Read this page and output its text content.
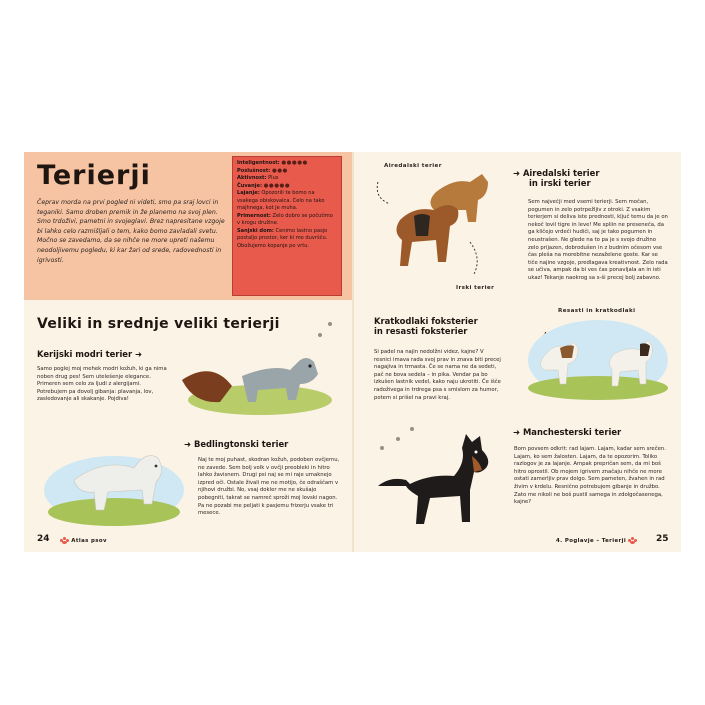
Terierji
Čeprav morda na prvi pogled ni videti, smo pa sraj lovci in teganiki. Samo droben premik in že planemo na svoj plen. Smo trdoživi, pametni in svojeglavi. Brez napresitane vzgoje bi lahko celo razmišljali o tem, kako bomo zavladali svetu. Močno se zavedamo, da se nihče ne more upreti našemu neodoljivemu pogledu, ki kar žari od srede, radovednosti in igrivosti.
Inteligentnost: ●●●●●
Poslušnost: ●●●
Aktivnost: Plus
Čuvanje: ●●●●●
Lajanje: Opozorili te bomo na vsakega obiskovalca. Celo na tako majhnega, kot je muha.
Primernost: Zelo dobro se počutimo v krogu družine.
Sanjski dom: Cenimo lastno pasjo postaljo prostor, ker ki mo duvršču. Obožujemo kopanje po vrtu.
Veliki in srednje veliki terierji
Kerijski modri terier ➜
Samo poglej moj mehek modri kožuh, ki ga nima noben drug pes! Sem utelešenje elegance. Primeren sem celo za ljudi z alergijami. Potrebujem pa dovolj gibanja: plavanja, lov, zasledovanje ali skakanje. Pojdiva!
➜ Bedlingtonski terier
Naj te moj puhast, skodran kožuh, podoben ovčjemu, ne zavede. Sem bolj volk v ovčji preobleki in hitro lahko žavisnem. Drugi psi naj se mi raje umaknejo izpred oči. Ostale živali me ne motijo, če odraščam v njihovi družbi. No, vsaj dokler me ne skušajo pobegniti, takrat se namreč sproži moj lovski nagon. Pa ne pozabi me peljati k pasjemu frizerju vsake tri mesece.
24	Atlas psov
Airedalski terier
Irski terier
➜ Airedalski terier
in irski terier
Sem največji med vsemi terierji. Sem močan, pogumen in zelo potrpežljiv z otroki. Z vsakim terierjem si deliva iste prednosti, ključ temu da je on nekoč lovil tigre in leve! Me spliin ne preseneča, da ga kličejo vrdeči hudiči, saj je tako pogumen in neustrašen. Ne glede na to pa je s svojo družino zelo prijazen, dobrodušen in z budnim očesom vse čas pleša na morebitne nezaželene goste. Kar se tiče najine vzgoje, predlagava kreativnost. Zelo rada se učiva, ampak da bi ves čas ponavljala an in isti ukaz! Tekanje naokrog sa s-ši precej bolj zabavno.
Kratkodlaki foksterier
in resasti foksterier
Si padel na najin nedolžni videz, kajne? V resnici imava rada svoj prav in znava biti precej nagajiva in trmasta. Če se nama ne da sedeti, pač ne bova sedela – in pika. Vendar pa bo izkušen lastnik vedel, kako naju ukrotiti. Če išče radoživega in trdrega psa s smislom za humor, potem si prišel na pravi kraj.
Resasti in kratkodlaki
➜ Manchesterski terier
Bom povsem odkrit: rad lajam. Lajam, kadar sem srečen. Lajam, ko sem žalosten. Lajam, da te opozorim. Toliko razlogov je za lajanje. Ampak prepričan sem, da mi boš hitro oprostil. Ob mojem igrivem značaju nihče ne more ostati zamerljiv prav dolgo. Sem pameten, žvahen in rad živim v krdelu. Resnično potrebujem gibanje in družbo. Zato me nikoli ne boš pustil samega in zdolgočasenega, kajne?
4. Poglavje – Terierji	25
